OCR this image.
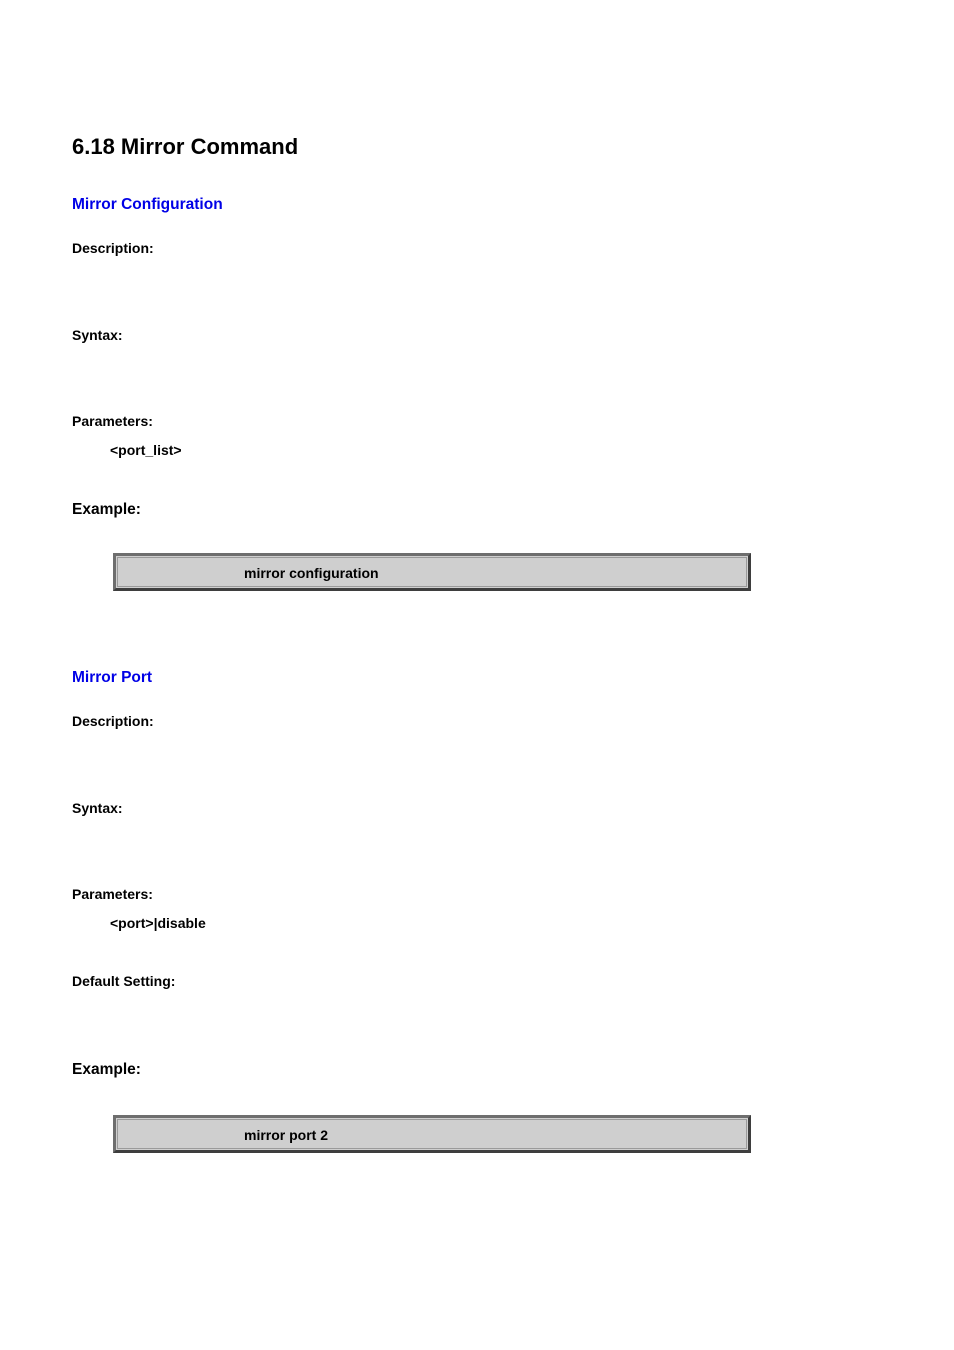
6.18 Mirror Command
Mirror Configuration
Description:
Syntax:
Parameters:
<port_list>
Example:
mirror configuration
Mirror Port
Description:
Syntax:
Parameters:
<port>|disable
Default Setting:
Example:
mirror port 2
